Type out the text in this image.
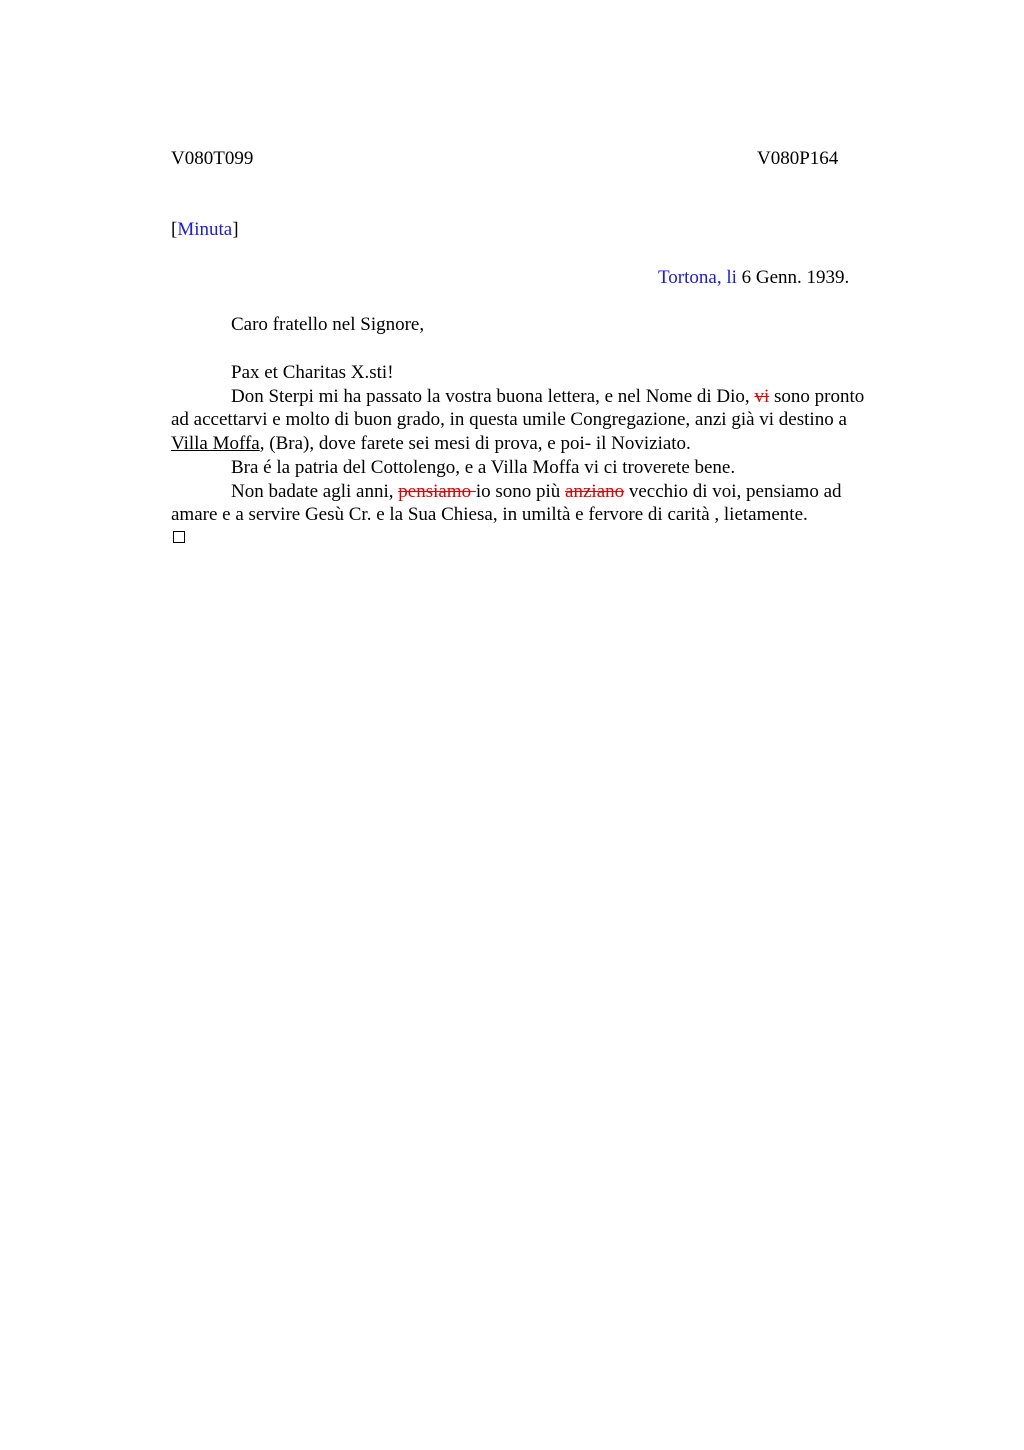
V080T099	V080P164
[Minuta]
Tortona, li 6 Genn. 1939.
Caro fratello nel Signore,
Pax et Charitas X.sti!
Don Sterpi mi ha passato la vostra buona lettera, e nel Nome di Dio, vi sono pronto
ad accettarvi e molto di buon grado, in questa umile Congregazione, anzi già vi destino a
Villa Moffa, (Bra), dove farete sei mesi di prova, e poi- il Noviziato.
Bra é la patria del Cottolengo, e a Villa Moffa vi ci troverete bene.
Non badate agli anni, pensiamo io sono più anziano vecchio di voi, pensiamo ad
amare e a servire Gesù Cr. e la Sua Chiesa, in umiltà e fervore di carità , lietamente.
